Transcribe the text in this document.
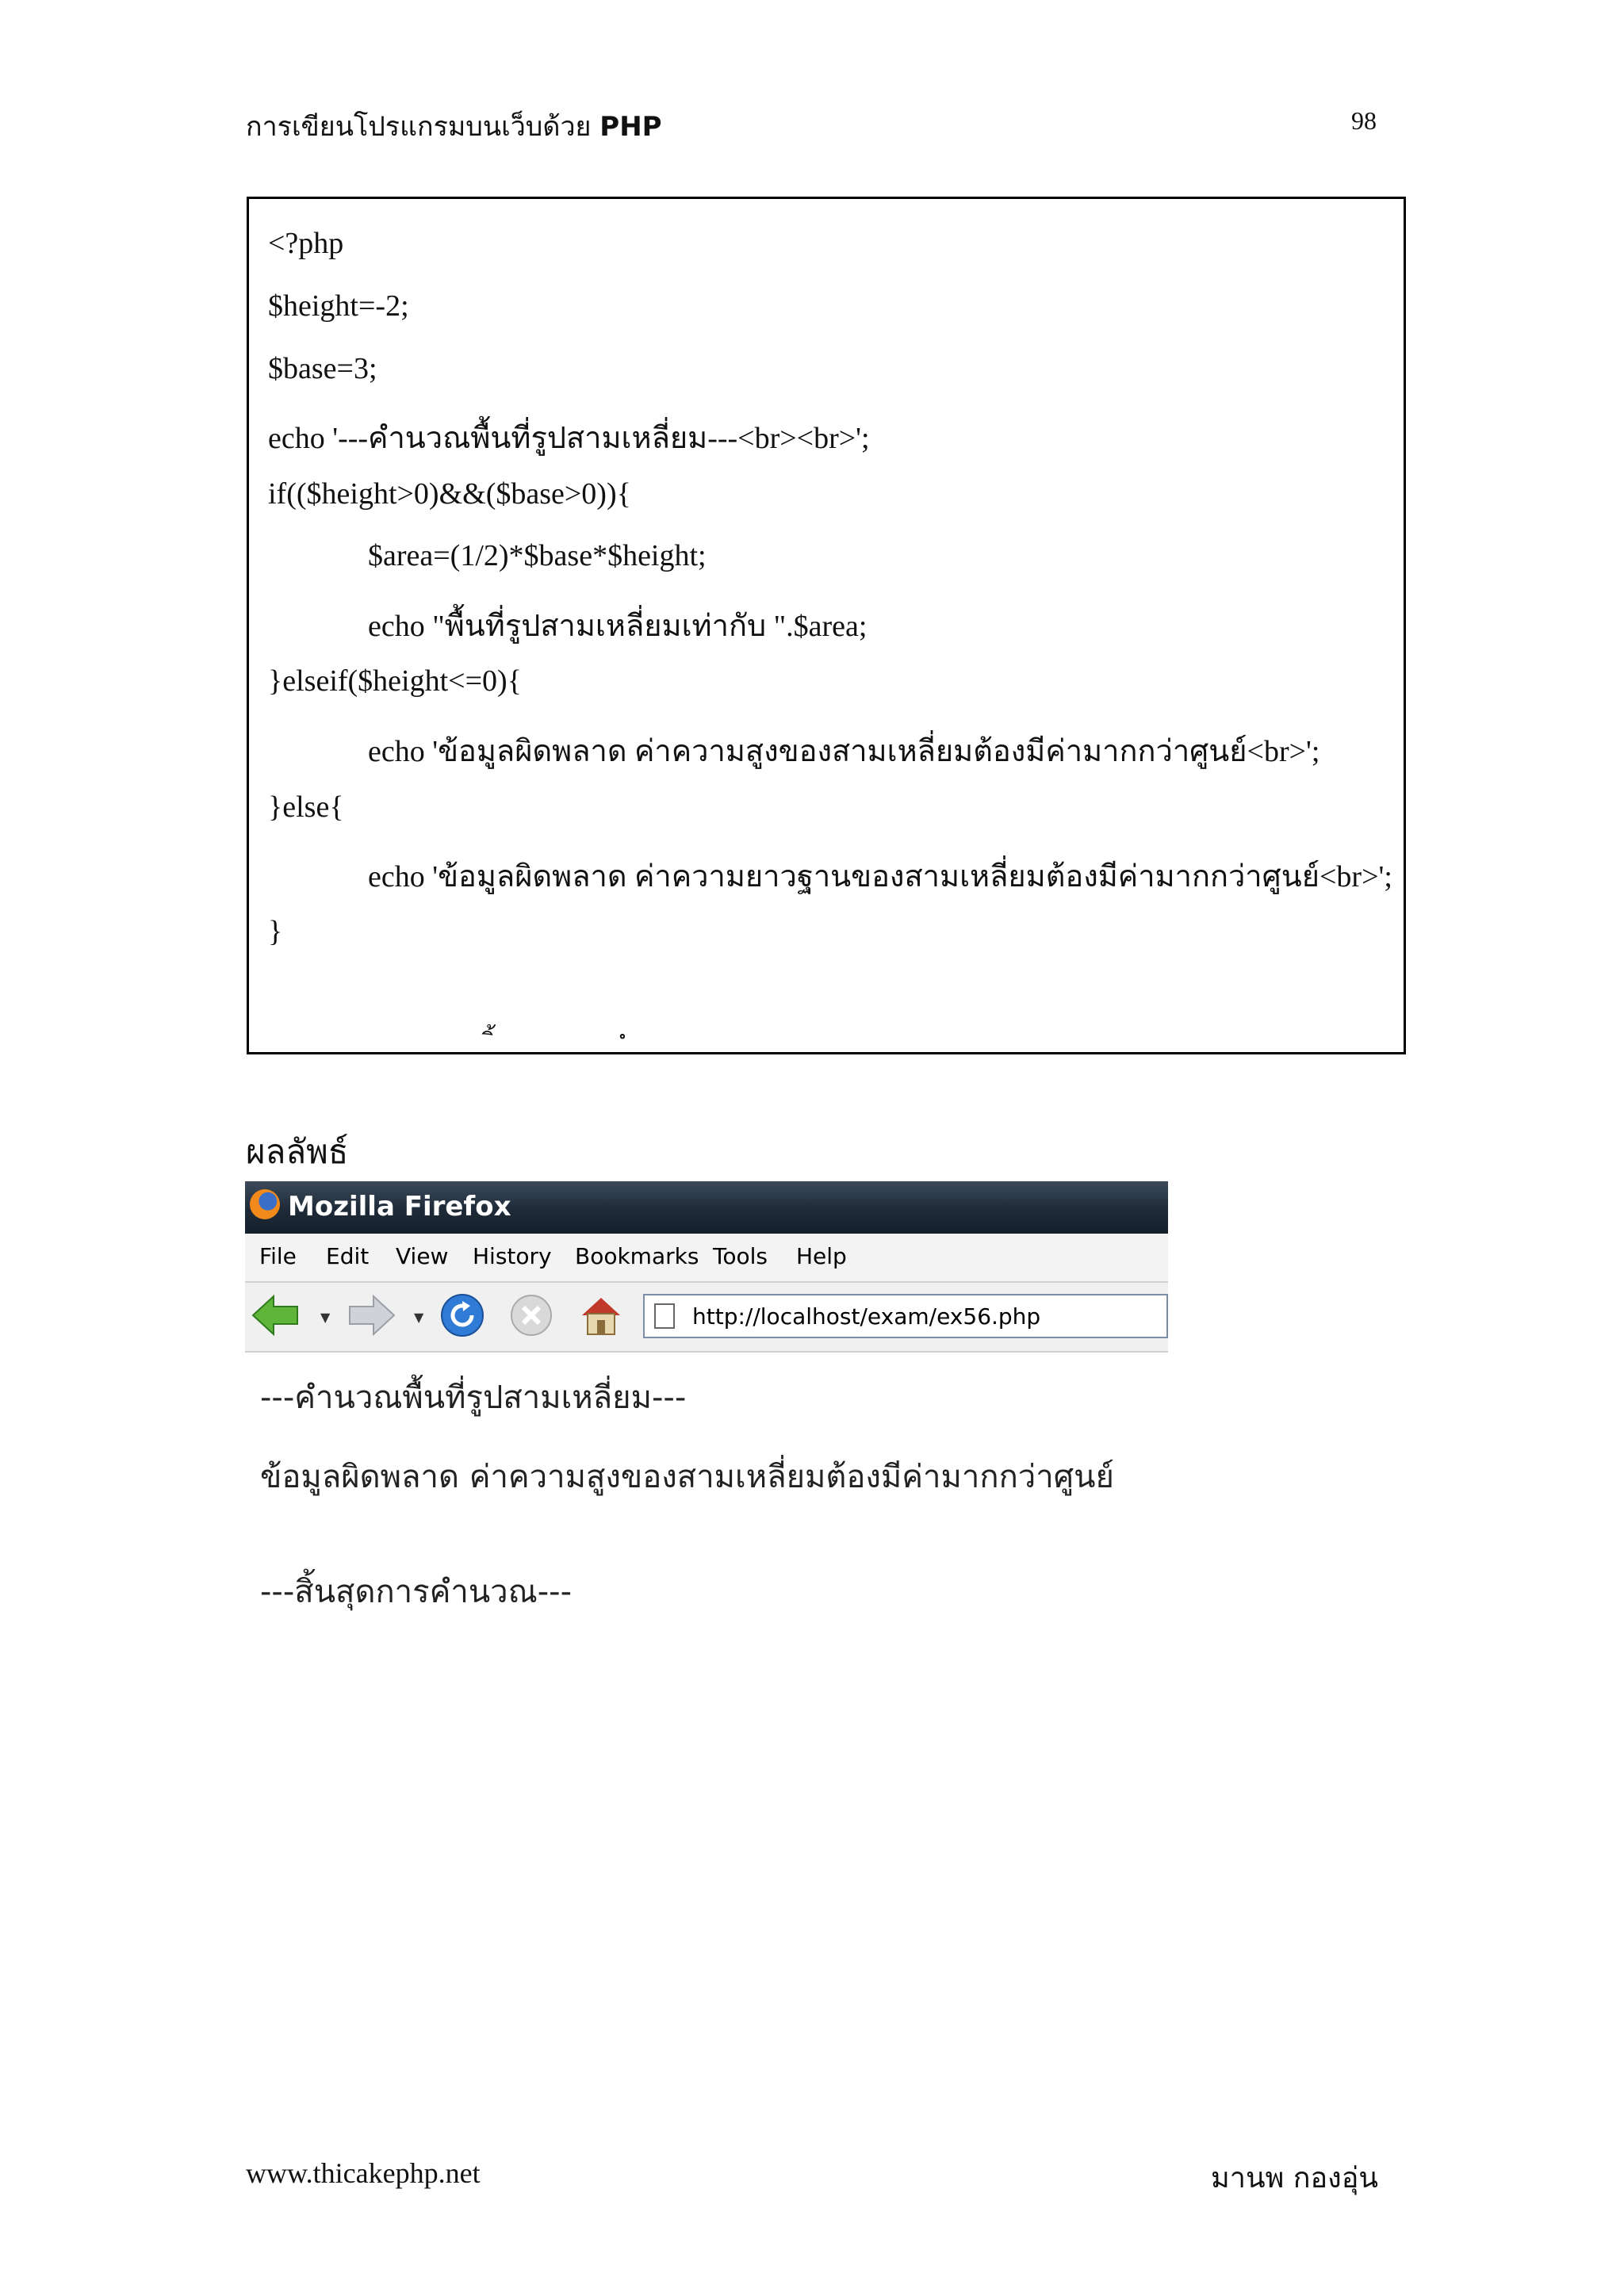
การเขียนโปรแกรมบนเว็บด้วย PHP	98
<?php
$height=-2;
$base=3;
echo '---คำนวณพื้นที่รูปสามเหลี่ยม---<br><br>';
if(($height>0)&&($base>0)){
$area=(1/2)*$base*$height;
echo "พื้นที่รูปสามเหลี่ยมเท่ากับ ".$area;
}elseif($height<=0){
echo 'ข้อมูลผิดพลาด ค่าความสูงของสามเหลี่ยมต้องมีค่ามากกว่าศูนย์<br>';
}else{
echo 'ข้อมูลผิดพลาด ค่าความยาวฐานของสามเหลี่ยมต้องมีค่ามากกว่าศูนย์<br>';
}
ผลลัพธ์
Mozilla Firefox
File Edit View History Bookmarks Tools Help
▼	▼	http://localhost/exam/ex56.php
---คำนวณพื้นที่รูปสามเหลี่ยม---
ข้อมูลผิดพลาด ค่าความสูงของสามเหลี่ยมต้องมีค่ามากกว่าศูนย์
---สิ้นสุดการคำนวณ---
www.thicakephp.net	มานพ กองอุ่น
